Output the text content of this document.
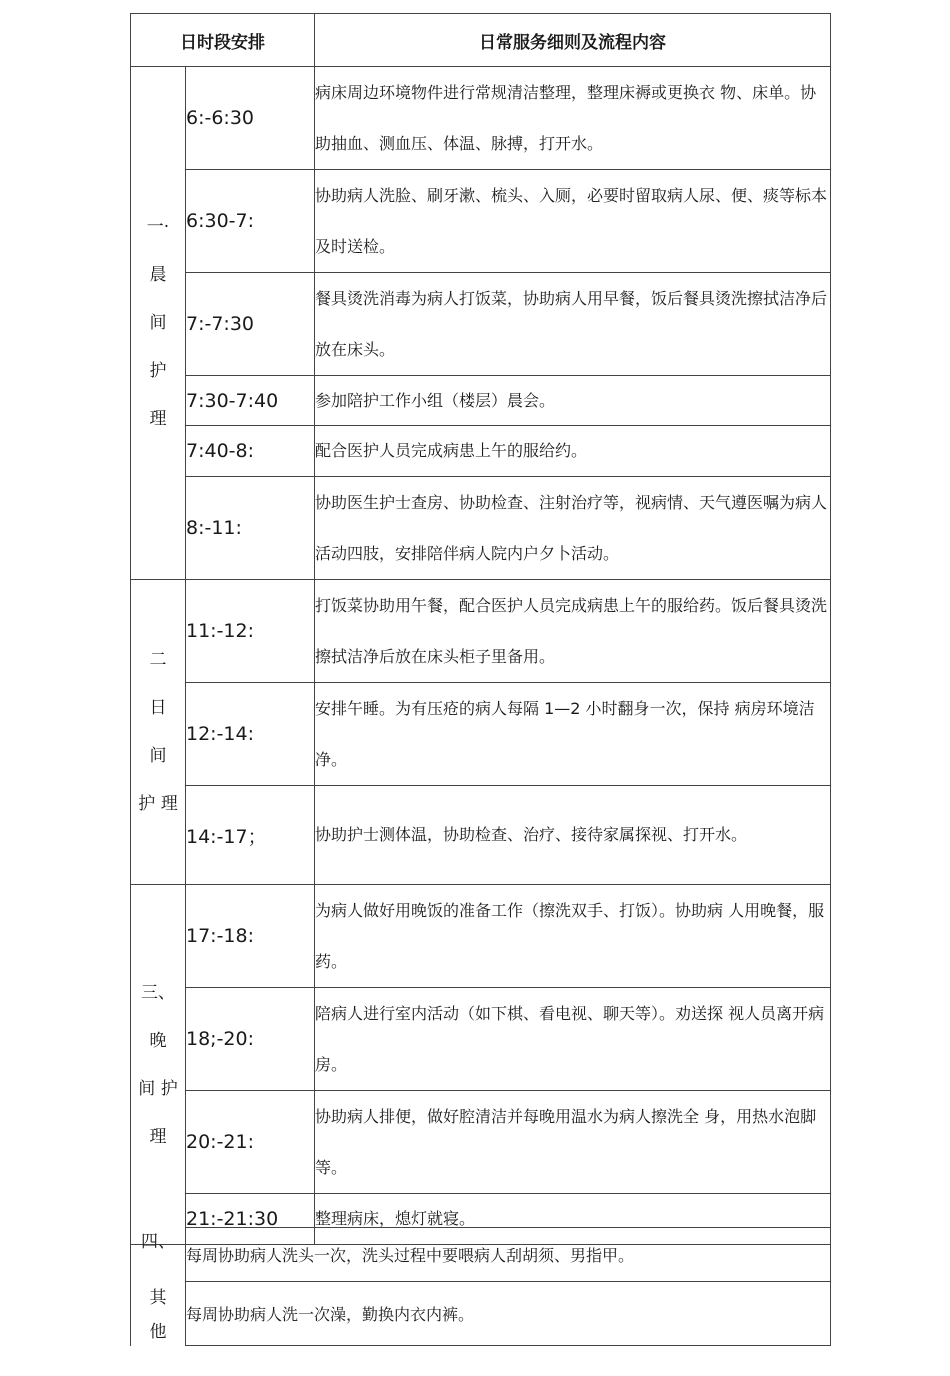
日时段安排		日常服务细则及流程内容

一·
晨
间
护
理	6:-6:30	病床周边环境物件进行常规清洁整理，整理床褥或更换衣 物、床单。协助抽血、测血压、体温、脉搏，打开水。
	6:30-7:	协助病人洗脸、刷牙漱、梳头、入厕，必要时留取病人尿、便、痰等标本及时送检。
	7:-7:30	餐具烫洗消毒为病人打饭菜，协助病人用早餐，饭后餐具烫洗擦拭洁净后放在床头。
	7:30-7:40	参加陪护工作小组（楼层）晨会。
	7:40-8:	配合医护人员完成病患上午的服给约。
	8:-11:	协助医生护士查房、协助检查、注射治疗等，视病情、天气遵医嘱为病人活动四肢，安排陪伴病人院内户夕卜活动。

二
日
间
护 理	11:-12:	打饭菜协助用午餐，配合医护人员完成病患上午的服给药。饭后餐具烫洗擦拭洁净后放在床头柜子里备用。
	12:-14:	安排午睡。为有压疮的病人每隔 1—2 小时翻身一次，保持 病房环境洁净。
	14:-17；	协助护士测体温，协助检查、治疗、接待家属探视、打开水。

三、
晚
间 护
理	17:-18:	为病人做好用晚饭的准备工作（擦洗双手、打饭）。协助病 人用晚餐，服药。
	18;-20:	陪病人进行室内活动（如下棋、看电视、聊天等）。劝送探 视人员离开病房。
	20:-21:	协助病人排便，做好腔清洁并每晚用温水为病人擦洗全 身，用热水泡脚等。
	21:-21:30	整理病床，熄灯就寝。
四、
其
他
	每周协助病人洗头一次，洗头过程中要喂病人刮胡须、男指甲。
每周协助病人洗一次澡，勤换内衣内裤。
